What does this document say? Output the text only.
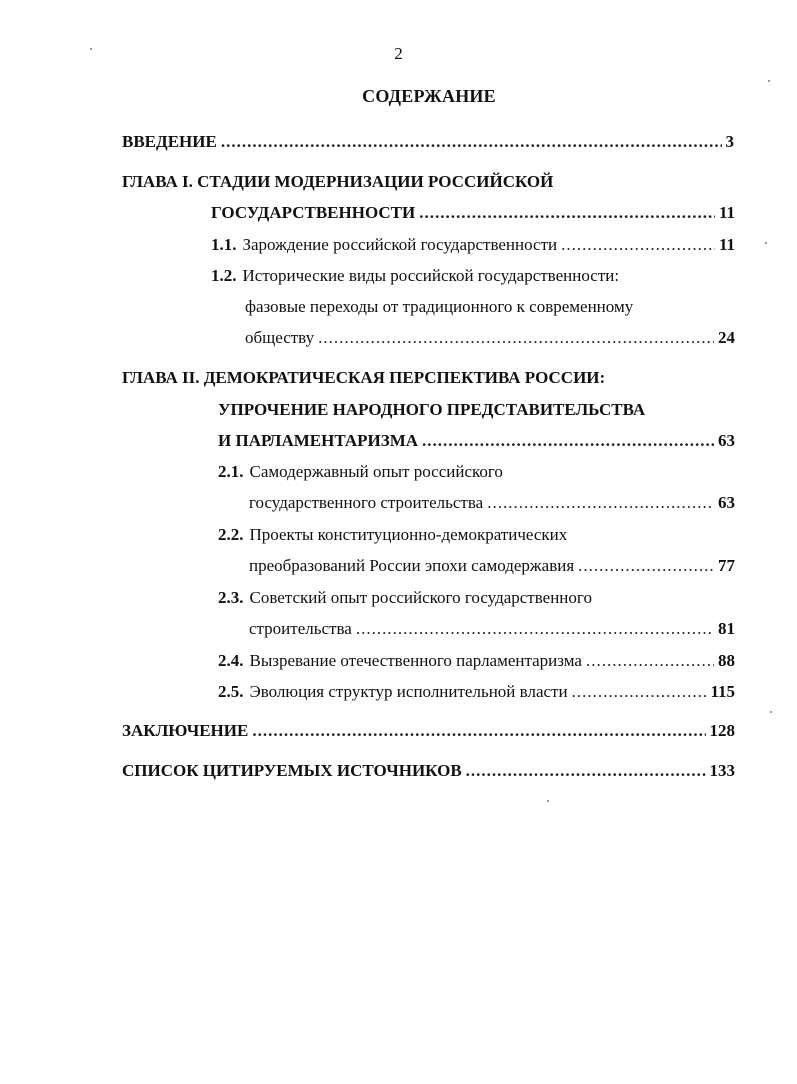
2
СОДЕРЖАНИЕ
ВВЕДЕНИЕ .....	3
ГЛАВА I. СТАДИИ МОДЕРНИЗАЦИИ РОССИЙСКОЙ
ГОСУДАРСТВЕННОСТИ .....	11
1.1. Зарождение российской государственности .....	11
1.2. Исторические виды российской государственности:
фазовые переходы от традиционного к современному
обществу .....	24
ГЛАВА II. ДЕМОКРАТИЧЕСКАЯ ПЕРСПЕКТИВА РОССИИ:
УПРОЧЕНИЕ НАРОДНОГО ПРЕДСТАВИТЕЛЬСТВА
И ПАРЛАМЕНТАРИЗМА .....	63
2.1. Самодержавный опыт российского
государственного строительства .....	63
2.2. Проекты конституционно-демократических
преобразований России эпохи самодержавия .....	77
2.3. Советский опыт российского государственного
строительства .....	81
2.4. Вызревание отечественного парламентаризма .....	88
2.5. Эволюция структур исполнительной власти .....	115
ЗАКЛЮЧЕНИЕ .....	128
СПИСОК ЦИТИРУЕМЫХ ИСТОЧНИКОВ .....	133
